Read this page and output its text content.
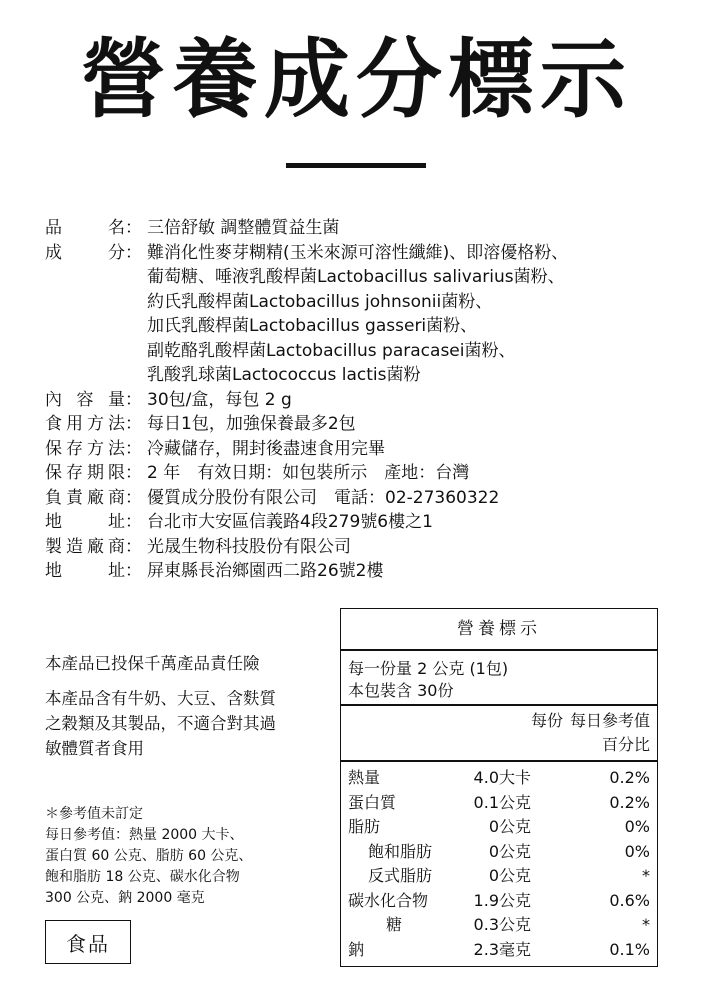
營養成分標示
品	名 ： 三倍舒敏 調整體質益生菌
成	分 ： 難消化性麥芽糊精(玉米來源可溶性纖維)、即溶優格粉、
葡萄糖、唾液乳酸桿菌Lactobacillus salivarius菌粉、
約氏乳酸桿菌Lactobacillus johnsonii菌粉、
加氏乳酸桿菌Lactobacillus gasseri菌粉、
副乾酪乳酸桿菌Lactobacillus paracasei菌粉、
乳酸乳球菌Lactococcus lactis菌粉
內 容 量 ： 30包/盒，每包 2 g
食 用 方 法 ： 每日1包，加強保養最多2包
保 存 方 法 ： 冷藏儲存，開封後盡速食用完畢
保 存 期 限 ： 2 年　有效日期：如包裝所示　產地：台灣
負 責 廠 商 ： 優質成分股份有限公司　電話：02-27360322
地	址 ： 台北市大安區信義路4段279號6樓之1
製 造 廠 商 ： 光晟生物科技股份有限公司
地	址 ： 屏東縣長治鄉園西二路26號2樓
本產品已投保千萬產品責任險
本產品含有牛奶、大豆、含麩質
之穀類及其製品，不適合對其過
敏體質者食用
＊參考值未訂定
每日參考值：熱量 2000 大卡、
蛋白質 60 公克、脂肪 60 公克、
飽和脂肪 18 公克、碳水化合物
300 公克、鈉 2000 毫克
食品
營養標示
每一份量 2 公克 (1包)
本包裝含 30份
每份 每日參考值
百分比
熱量	4.0大卡	0.2%
蛋白質	0.1公克	0.2%
脂肪	0公克	0%
飽和脂肪	0公克	0%
反式脂肪	0公克	*
碳水化合物	1.9公克	0.6%
糖	0.3公克	*
鈉	2.3毫克	0.1%
